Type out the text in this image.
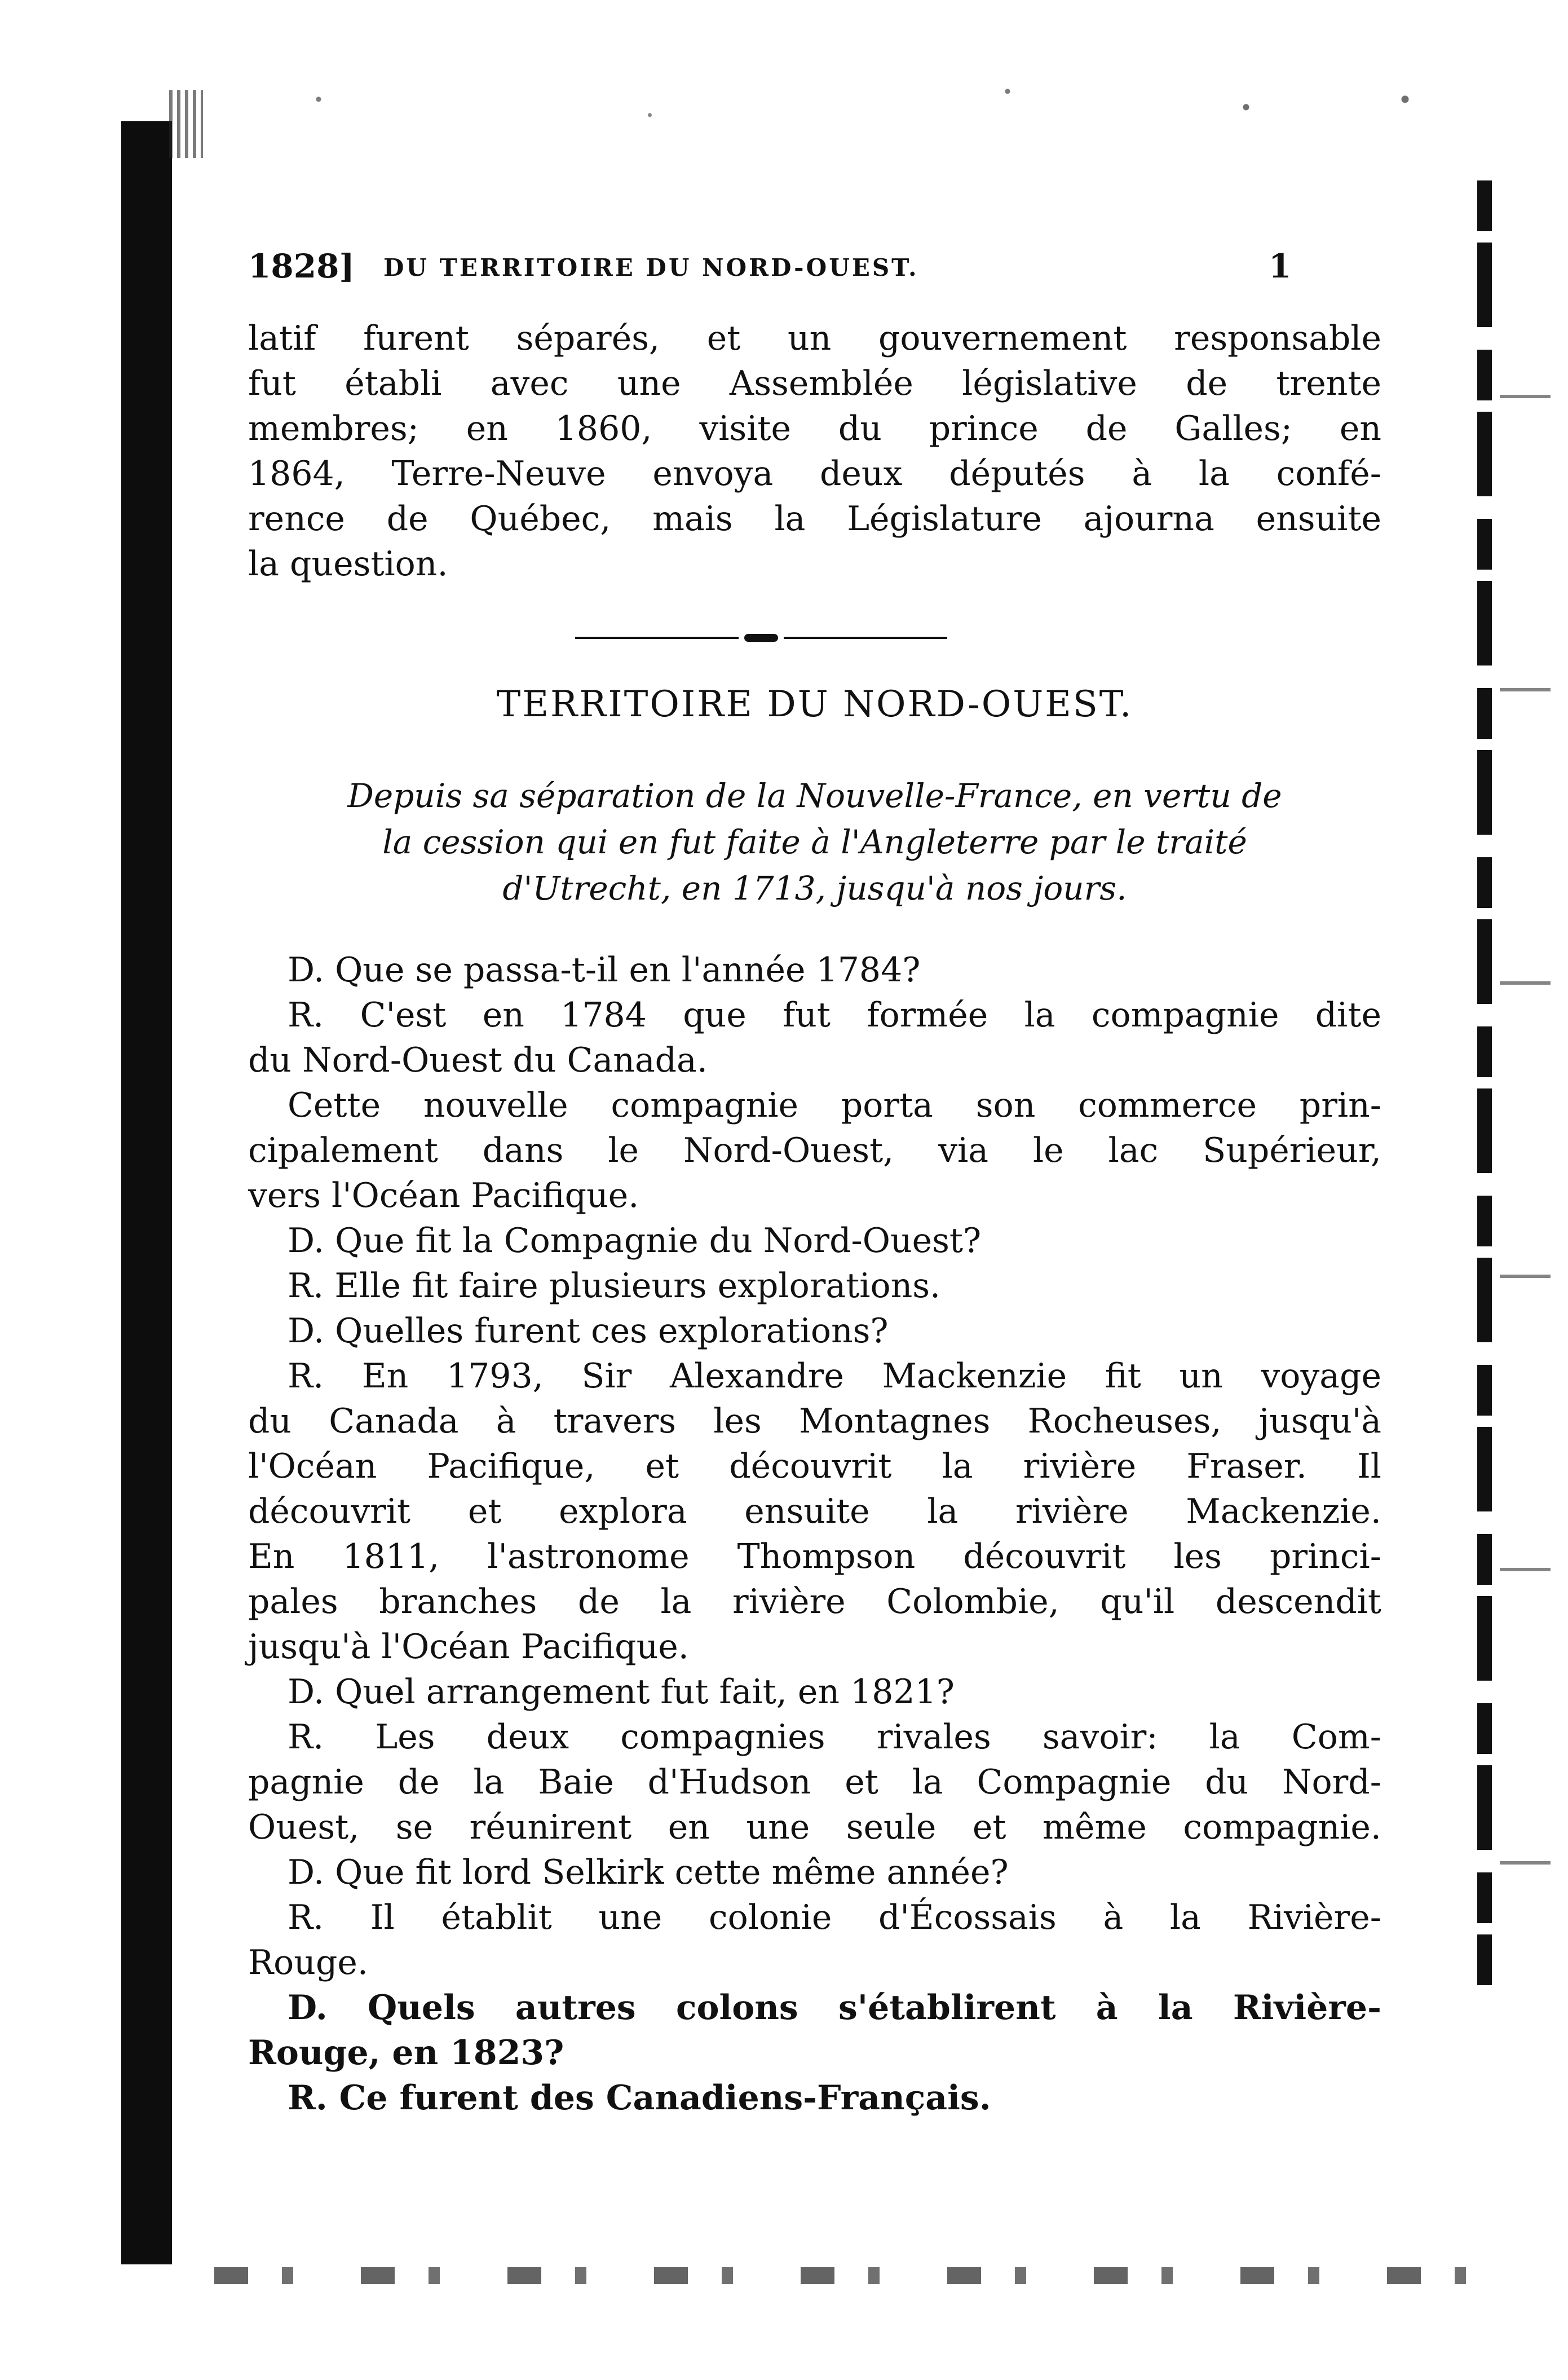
1828] DU TERRITOIRE DU NORD-OUEST.	1
latif furent séparés, et un gouvernement responsable
fut établi avec une Assemblée législative de trente
membres; en 1860, visite du prince de Galles; en
1864, Terre-Neuve envoya deux députés à la confé-
rence de Québec, mais la Législature ajourna ensuite
la question.
TERRITOIRE DU NORD-OUEST.
Depuis sa séparation de la Nouvelle-France, en vertu de
la cession qui en fut faite à l'Angleterre par le traité
d'Utrecht, en 1713, jusqu'à nos jours.
D. Que se passa-t-il en l'année 1784?
R. C'est en 1784 que fut formée la compagnie dite
du Nord-Ouest du Canada.
Cette nouvelle compagnie porta son commerce prin-
cipalement dans le Nord-Ouest, via le lac Supérieur,
vers l'Océan Pacifique.
D. Que fit la Compagnie du Nord-Ouest?
R. Elle fit faire plusieurs explorations.
D. Quelles furent ces explorations?
R. En 1793, Sir Alexandre Mackenzie fit un voyage
du Canada à travers les Montagnes Rocheuses, jusqu'à
l'Océan Pacifique, et découvrit la rivière Fraser. Il
découvrit et explora ensuite la rivière Mackenzie.
En 1811, l'astronome Thompson découvrit les princi-
pales branches de la rivière Colombie, qu'il descendit
jusqu'à l'Océan Pacifique.
D. Quel arrangement fut fait, en 1821?
R. Les deux compagnies rivales savoir: la Com-
pagnie de la Baie d'Hudson et la Compagnie du Nord-
Ouest, se réunirent en une seule et même compagnie.
D. Que fit lord Selkirk cette même année?
R. Il établit une colonie d'Écossais à la Rivière-
Rouge.
D. Quels autres colons s'établirent à la Rivière-
Rouge, en 1823?
R. Ce furent des Canadiens-Français.
